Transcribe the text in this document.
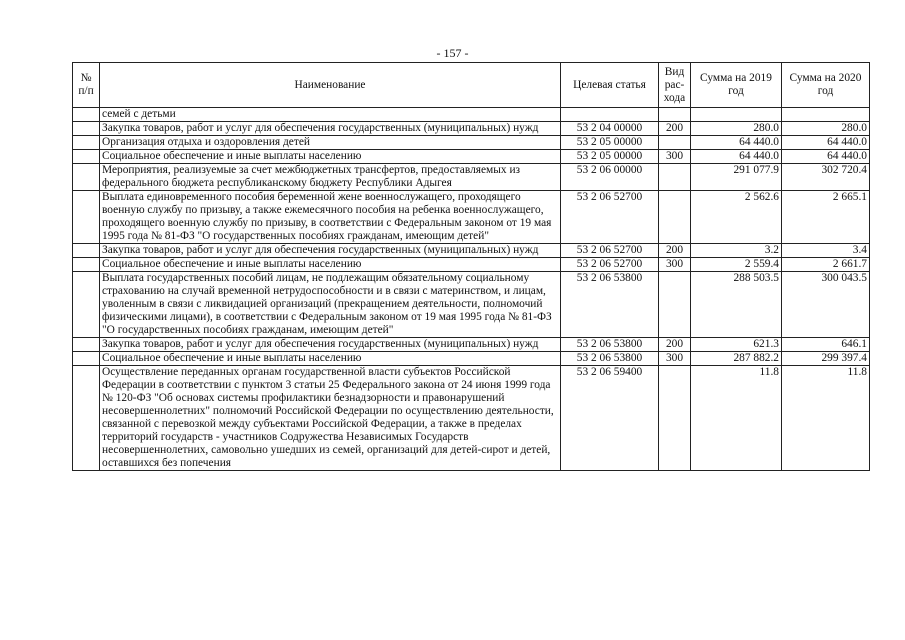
- 157 -
№ п/п	Наименование	Целевая статья	Вид рас-хода	Сумма на 2019 год	Сумма на 2020 год
	семей с детьми				
	Закупка товаров, работ и услуг для обеспечения государственных (муниципальных) нужд	53 2 04 00000	200	280.0	280.0
	Организация отдыха и оздоровления детей	53 2 05 00000		64 440.0	64 440.0
	Социальное обеспечение и иные выплаты населению	53 2 05 00000	300	64 440.0	64 440.0
	Мероприятия, реализуемые за счет межбюджетных трансфертов, предоставляемых из федерального бюджета республиканскому бюджету Республики Адыгея	53 2 06 00000		291 077.9	302 720.4
	Выплата единовременного пособия беременной жене военнослужащего, проходящего военную службу по призыву, а также ежемесячного пособия на ребенка военнослужащего, проходящего военную службу по призыву, в соответствии с Федеральным законом от 19 мая 1995 года № 81-ФЗ "О государственных пособиях гражданам, имеющим детей"	53 2 06 52700		2 562.6	2 665.1
	Закупка товаров, работ и услуг для обеспечения государственных (муниципальных) нужд	53 2 06 52700	200	3.2	3.4
	Социальное обеспечение и иные выплаты населению	53 2 06 52700	300	2 559.4	2 661.7
	Выплата государственных пособий лицам, не подлежащим обязательному социальному страхованию на случай временной нетрудоспособности и в связи с материнством, и лицам, уволенным в связи с ликвидацией организаций (прекращением деятельности, полномочий физическими лицами), в соответствии с Федеральным законом от 19 мая 1995 года № 81-ФЗ "О государственных пособиях гражданам, имеющим детей"	53 2 06 53800		288 503.5	300 043.5
	Закупка товаров, работ и услуг для обеспечения государственных (муниципальных) нужд	53 2 06 53800	200	621.3	646.1
	Социальное обеспечение и иные выплаты населению	53 2 06 53800	300	287 882.2	299 397.4
	Осуществление переданных органам государственной власти субъектов Российской Федерации в соответствии с пунктом 3 статьи 25 Федерального закона от 24 июня 1999 года № 120-ФЗ "Об основах системы профилактики безнадзорности и правонарушений несовершеннолетних" полномочий Российской Федерации по осуществлению деятельности, связанной с перевозкой между субъектами Российской Федерации, а также в пределах территорий государств - участников Содружества Независимых Государств несовершеннолетних, самовольно ушедших из семей, организаций для детей-сирот и детей, оставшихся без попечения	53 2 06 59400		11.8	11.8
